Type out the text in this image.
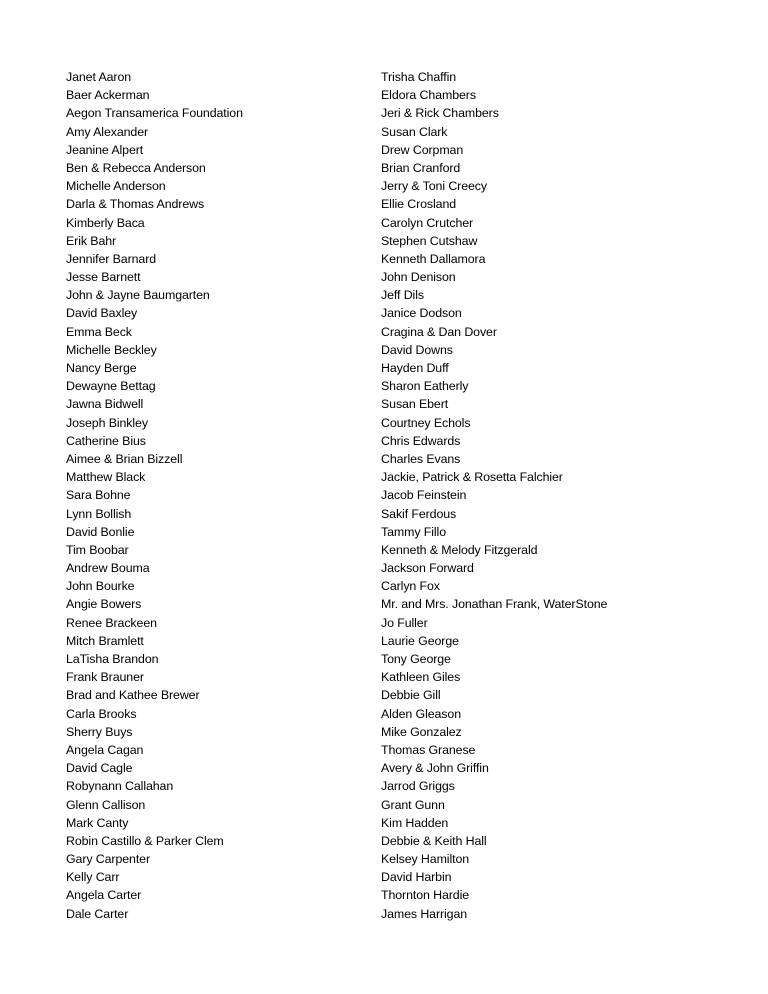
Janet Aaron
Baer Ackerman
Aegon Transamerica Foundation
Amy Alexander
Jeanine Alpert
Ben & Rebecca Anderson
Michelle Anderson
Darla & Thomas Andrews
Kimberly Baca
Erik Bahr
Jennifer Barnard
Jesse Barnett
John & Jayne Baumgarten
David Baxley
Emma Beck
Michelle Beckley
Nancy Berge
Dewayne Bettag
Jawna Bidwell
Joseph Binkley
Catherine Bius
Aimee & Brian Bizzell
Matthew Black
Sara Bohne
Lynn Bollish
David Bonlie
Tim Boobar
Andrew Bouma
John Bourke
Angie Bowers
Renee Brackeen
Mitch Bramlett
LaTisha Brandon
Frank Brauner
Brad and Kathee Brewer
Carla Brooks
Sherry Buys
Angela Cagan
David Cagle
Robynann Callahan
Glenn Callison
Mark Canty
Robin Castillo & Parker Clem
Gary Carpenter
Kelly Carr
Angela Carter
Dale Carter
Trisha Chaffin
Eldora Chambers
Jeri & Rick Chambers
Susan Clark
Drew Corpman
Brian Cranford
Jerry & Toni Creecy
Ellie Crosland
Carolyn Crutcher
Stephen Cutshaw
Kenneth Dallamora
John Denison
Jeff Dils
Janice Dodson
Cragina & Dan Dover
David Downs
Hayden Duff
Sharon Eatherly
Susan Ebert
Courtney Echols
Chris Edwards
Charles Evans
Jackie, Patrick & Rosetta Falchier
Jacob Feinstein
Sakif Ferdous
Tammy Fillo
Kenneth & Melody Fitzgerald
Jackson Forward
Carlyn Fox
Mr. and Mrs. Jonathan Frank, WaterStone
Jo Fuller
Laurie George
Tony George
Kathleen Giles
Debbie Gill
Alden Gleason
Mike Gonzalez
Thomas Granese
Avery & John Griffin
Jarrod Griggs
Grant Gunn
Kim Hadden
Debbie & Keith Hall
Kelsey Hamilton
David Harbin
Thornton Hardie
James Harrigan
